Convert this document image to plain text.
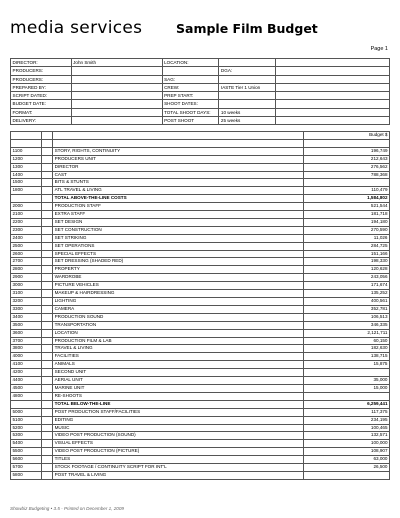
media services	Sample Film Budget
Page 1
DIRECTOR:	John Smith	LOCATION:		
PRODUCERS:			DGA:	
PRODUCERS:		SAG:		
PREPARED BY:		CREW:	IASTE Tier 1 Union	
SCRIPT DATED:		PREP START:		
BUDGET DATE:		SHOOT DATES:		
FORMAT:		TOTAL SHOOT DAYS:	10 weeks	
DELIVERY:		POST SHOOT	25 weeks	
			Budget $

1100		STORY, RIGHTS, CONTINUITY	196,749
1200		PRODUCERS UNIT	212,643
1300		DIRECTOR	276,562
1400		CAST	788,368
1500		BITS & STUNTS	
1800		ATL TRAVEL & LIVING	110,479
		TOTAL ABOVE-THE-LINE COSTS	1,584,802
2000		PRODUCTION STAFF	521,544
2100		EXTRA STAFF	181,718
2200		SET DESIGN	194,180
2300		SET CONSTRUCTION	270,590
2400		SET STRIKING	11,026
2500		SET OPERATIONS	284,725
2600		SPECIAL EFFECTS	151,166
2700		SET DRESSING (SHADED RED)	198,330
2800		PROPERTY	120,628
2900		WARDROBE	243,056
3000		PICTURE VEHICLES	171,674
3100		MAKEUP & HAIRDRESSING	135,252
3200		LIGHTING	400,561
3300		CAMERA	352,781
3400		PRODUCTION SOUND	106,513
3500		TRANSPORTATION	346,335
3600		LOCATION	2,121,711
3700		PRODUCTION FILM & LAB	60,150
3800		TRAVEL & LIVING	182,630
4000		FACILITIES	138,715
4100		ANIMALS	15,875
4200		SECOND UNIT	
4400		AERIAL UNIT	35,000
4500		MARINE UNIT	15,000
4800		RE-SHOOTS	
		TOTAL BELOW-THE-LINE	6,259,441
5000		POST PRODUCTION STAFF/FACILITIES	117,375
5100		EDITING	234,195
5200		MUSIC	100,465
5300		VIDEO POST PRODUCTION (SOUND)	132,571
5400		VISUAL EFFECTS	100,000
5500		VIDEO POST PRODUCTION (PICTURE)	108,907
5600		TITLES	63,000
5700		STOCK FOOTAGE / CONTINUITY SCRIPT FOR INT'L	26,500
5800		POST TRAVEL & LIVING	
Showbiz Budgeting • 3.5 - Printed on December 1, 2009
